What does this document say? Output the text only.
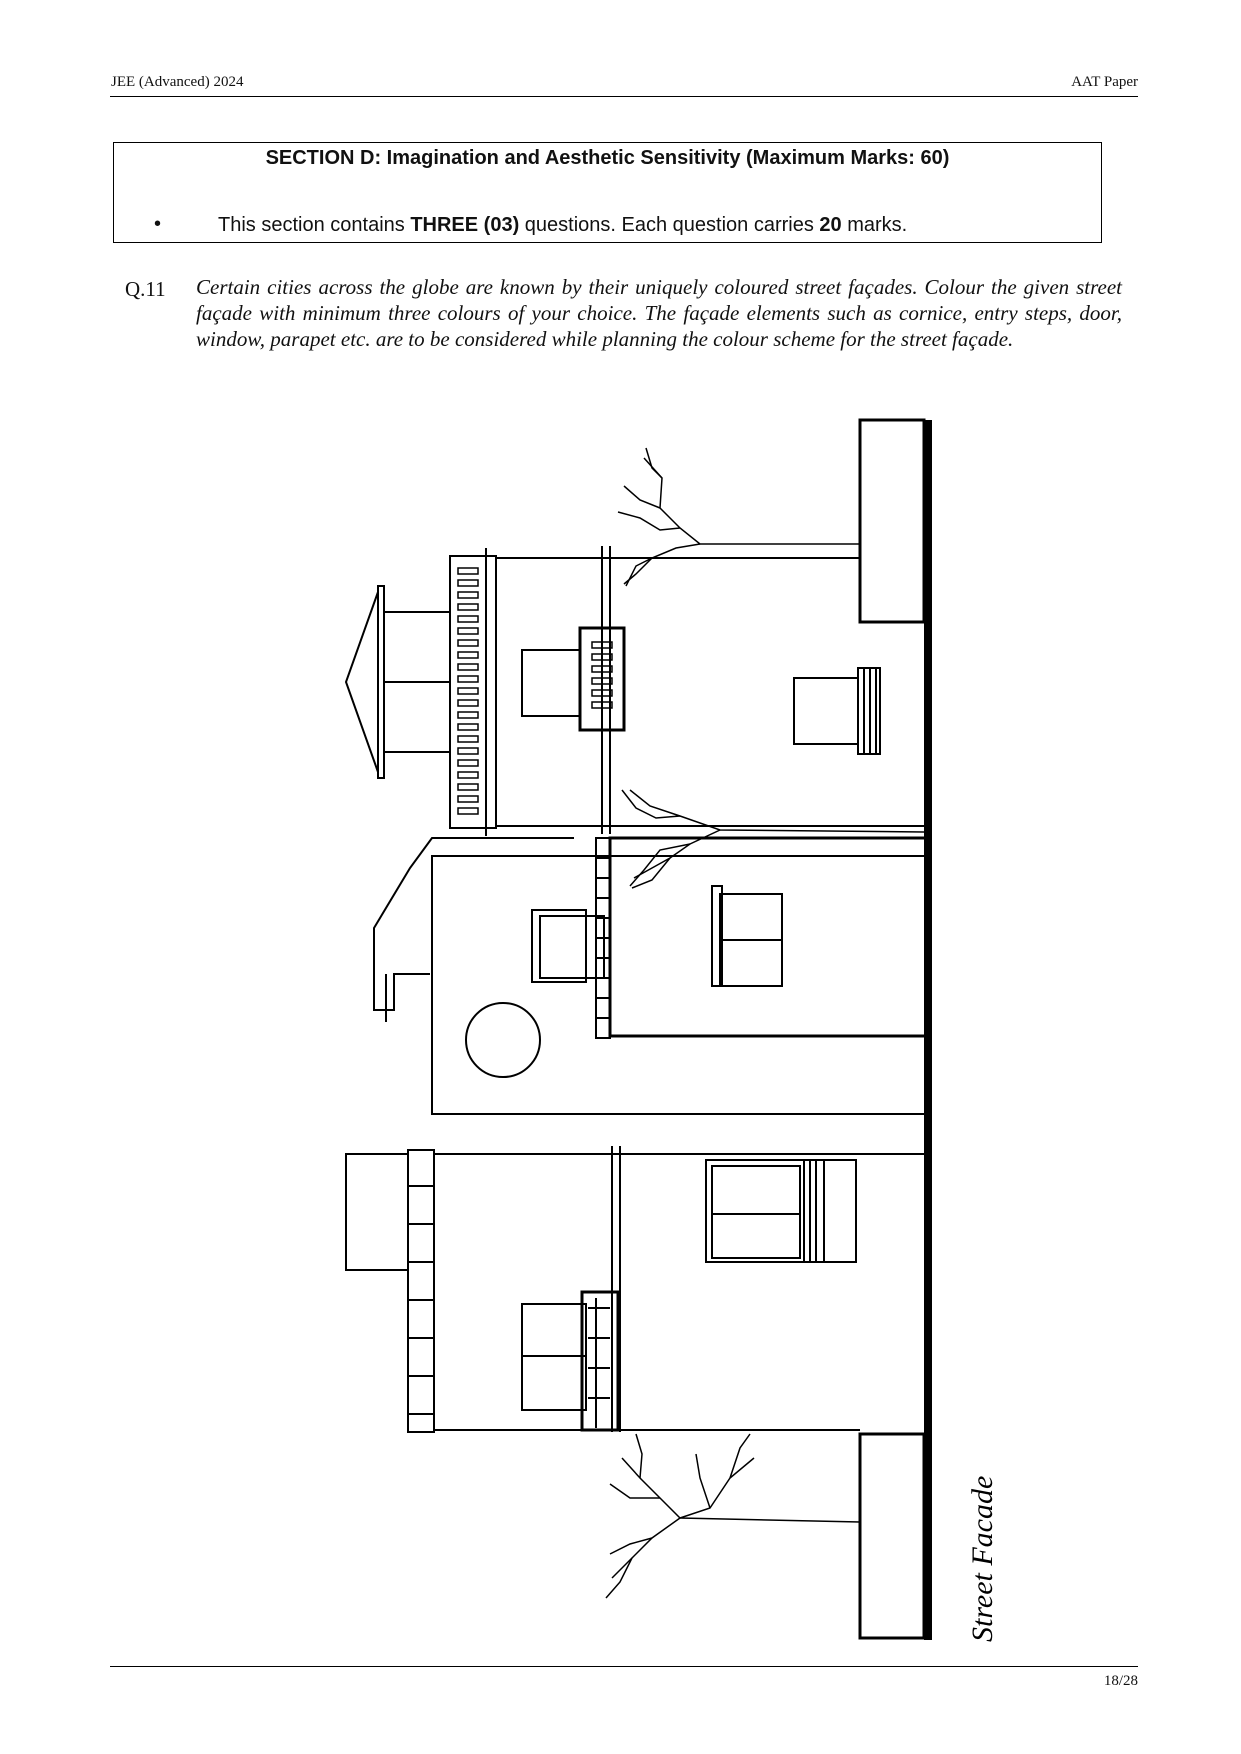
JEE (Advanced) 2024	AAT Paper
SECTION D: Imagination and Aesthetic Sensitivity (Maximum Marks: 60)
•	This section contains THREE (03) questions. Each question carries 20 marks.
Q.11 Certain cities across the globe are known by their uniquely coloured street façades. Colour the given street façade with minimum three colours of your choice. The façade elements such as cornice, entry steps, door, window, parapet etc. are to be considered while planning the colour scheme for the street façade.
Street Facade
18/28
